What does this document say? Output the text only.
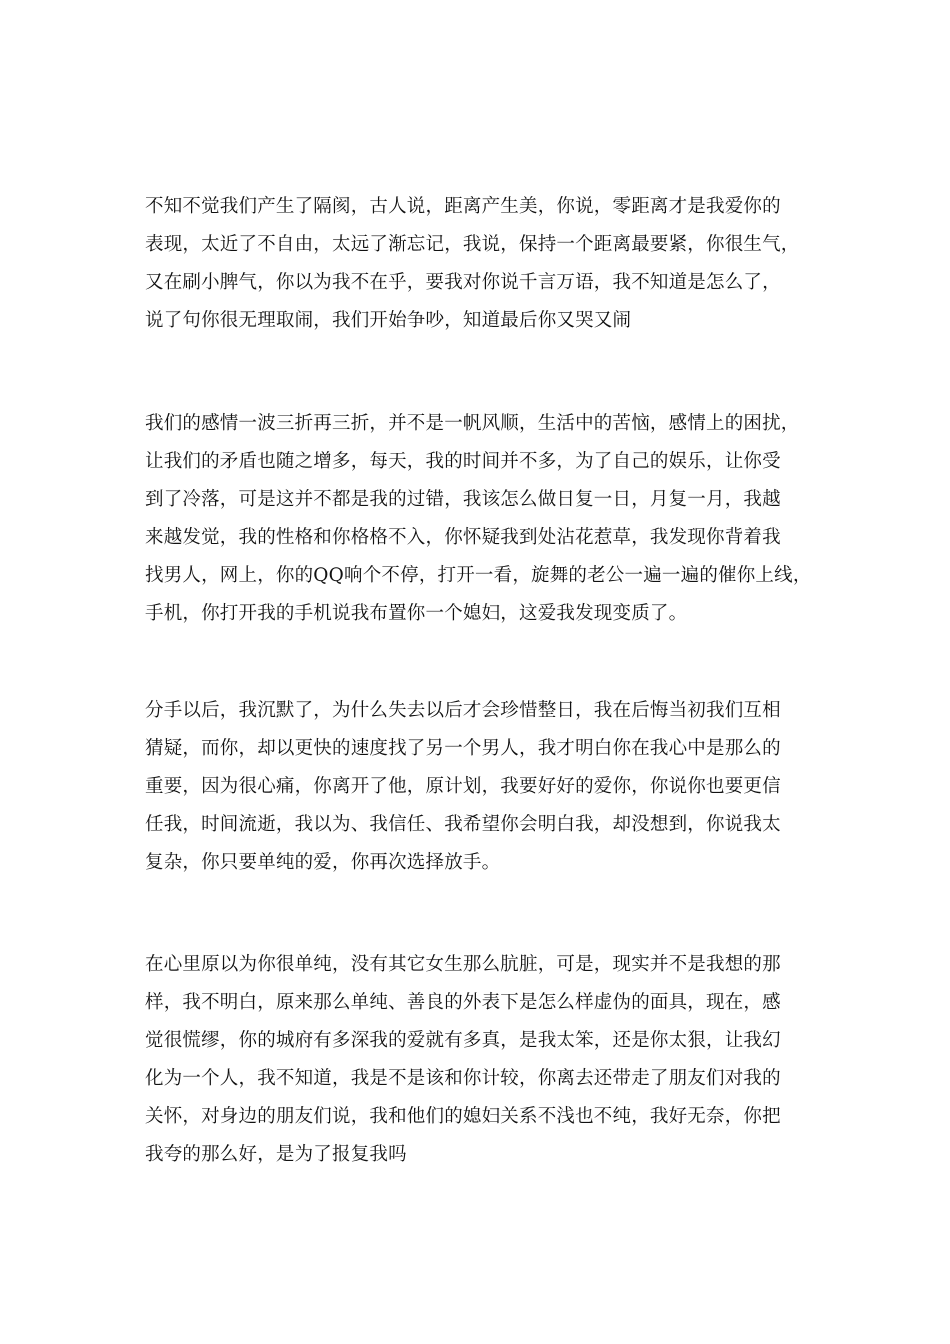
不知不觉我们产生了隔阂，古人说，距离产生美，你说，零距离才是我爱你的
表现，太近了不自由，太远了渐忘记，我说，保持一个距离最要紧，你很生气，
又在刷小脾气，你以为我不在乎，要我对你说千言万语，我不知道是怎么了，
说了句你很无理取闹，我们开始争吵，知道最后你又哭又闹
我们的感情一波三折再三折，并不是一帆风顺，生活中的苦恼，感情上的困扰，
让我们的矛盾也随之增多，每天，我的时间并不多，为了自己的娱乐，让你受
到了冷落，可是这并不都是我的过错，我该怎么做日复一日，月复一月，我越
来越发觉，我的性格和你格格不入，你怀疑我到处沾花惹草，我发现你背着我
找男人，网上，你的QQ响个不停，打开一看，旋舞的老公一遍一遍的催你上线，
手机，你打开我的手机说我布置你一个媳妇，这爱我发现变质了。
分手以后，我沉默了，为什么失去以后才会珍惜整日，我在后悔当初我们互相
猜疑，而你，却以更快的速度找了另一个男人，我才明白你在我心中是那么的
重要，因为很心痛，你离开了他，原计划，我要好好的爱你，你说你也要更信
任我，时间流逝，我以为、我信任、我希望你会明白我，却没想到，你说我太
复杂，你只要单纯的爱，你再次选择放手。
在心里原以为你很单纯，没有其它女生那么肮脏，可是，现实并不是我想的那
样，我不明白，原来那么单纯、善良的外表下是怎么样虚伪的面具，现在，感
觉很慌缪，你的城府有多深我的爱就有多真，是我太笨，还是你太狠，让我幻
化为一个人，我不知道，我是不是该和你计较，你离去还带走了朋友们对我的
关怀，对身边的朋友们说，我和他们的媳妇关系不浅也不纯，我好无奈，你把
我夸的那么好，是为了报复我吗
